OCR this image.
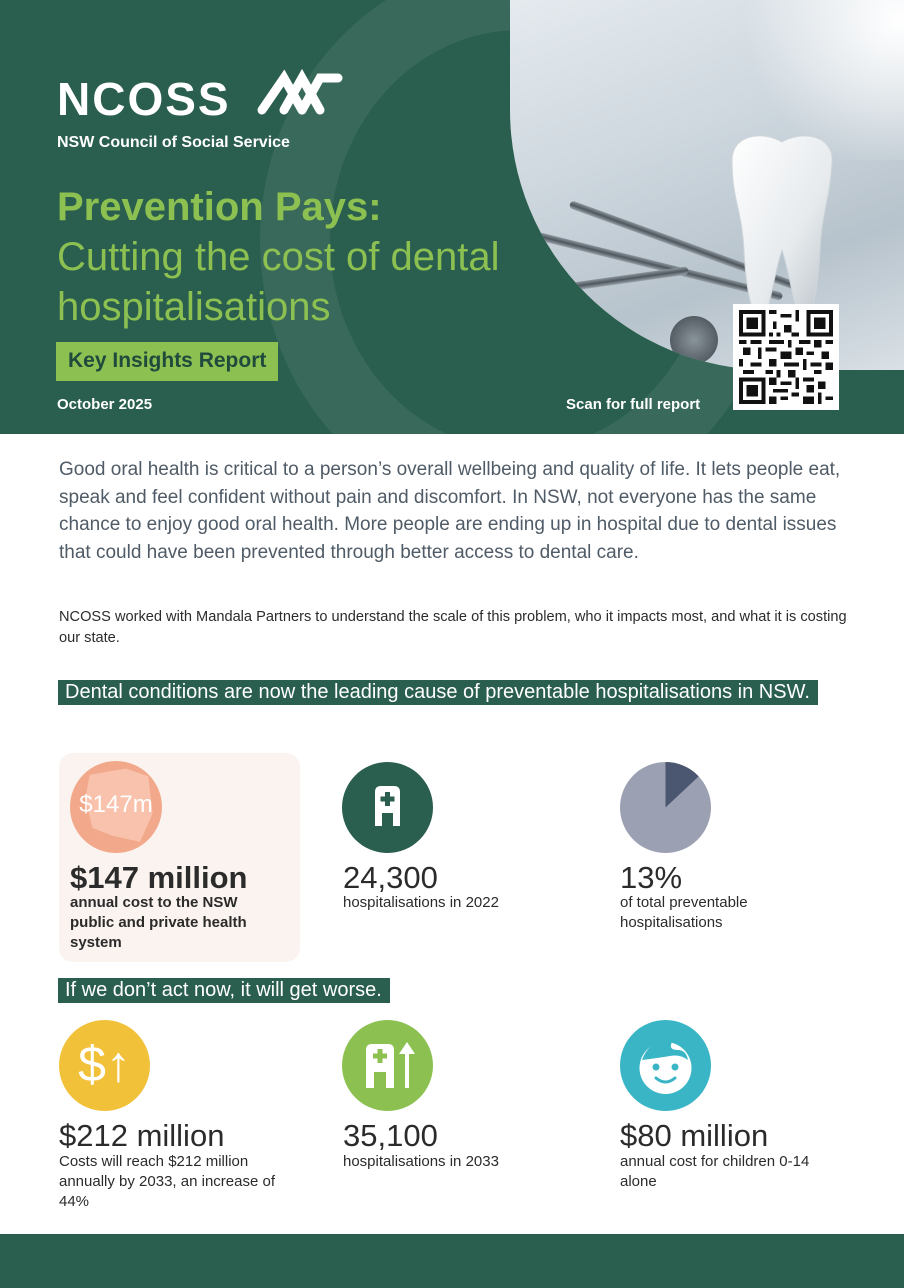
NCOSS
NSW Council of Social Service
Prevention Pays:
Cutting the cost of dental hospitalisations
Key Insights Report
October 2025	Scan for full report

Good oral health is critical to a person’s overall wellbeing and quality of life. It lets people eat, speak and feel confident without pain and discomfort. In NSW, not everyone has the same chance to enjoy good oral health. More people are ending up in hospital due to dental issues that could have been prevented through better access to dental care.

NCOSS worked with Mandala Partners to understand the scale of this problem, who it impacts most, and what it is costing our state.

Dental conditions are now the leading cause of preventable hospitalisations in NSW.
$147m
$147 million
annual cost to the NSW public and private health system
24,300
hospitalisations in 2022
13%
of total preventable hospitalisations
If we don’t act now, it will get worse.
$↑
$212 million
Costs will reach $212 million annually by 2033, an increase of 44%
35,100
hospitalisations in 2033
$80 million
annual cost for children 0-14 alone
